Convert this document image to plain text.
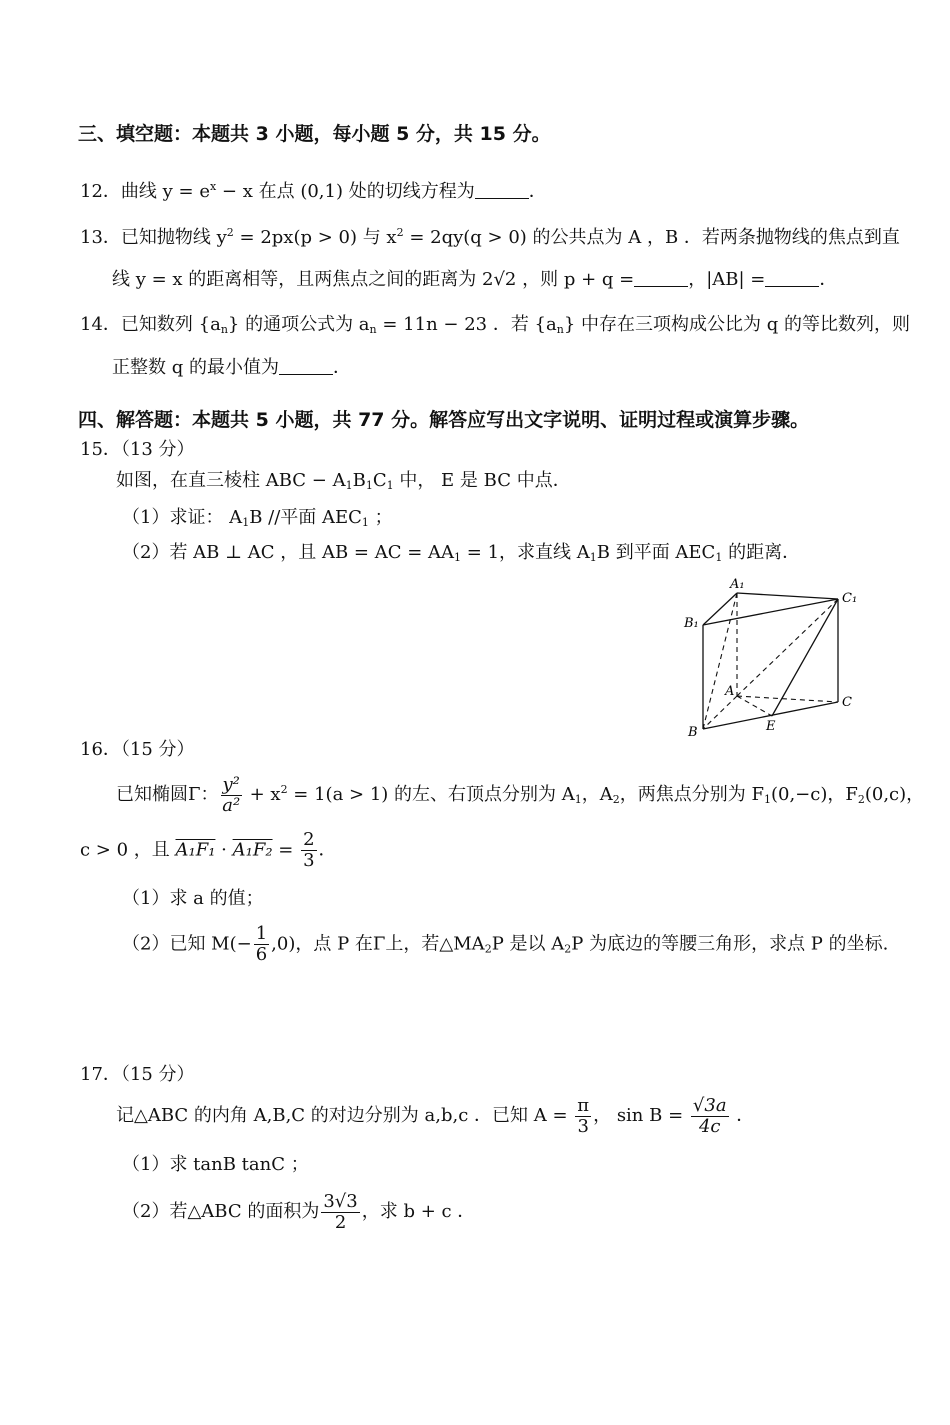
三、填空题：本题共 3 小题，每小题 5 分，共 15 分。
12．曲线 $y = e^x - x$ 在点 (0,1) 处的切线方程为	．
13．已知抛物线 $y^2 = 2px(p > 0)$ 与 $x^2 = 2qy(q > 0)$ 的公共点为 A ，B ．若两条抛物线的焦点到直
线 y = x 的距离相等，且两焦点之间的距离为 2√2 ，则 p + q =	，|AB| =	．
14．已知数列 $\{a_n\}$ 的通项公式为 $a_n = 11n - 23$ ．若 $\{a_n\}$ 中存在三项构成公比为 q 的等比数列，则
正整数 q 的最小值为	．
四、解答题：本题共 5 小题，共 77 分。解答应写出文字说明、证明过程或演算步骤。
15．（13 分）
如图，在直三棱柱 ABC − $A_1B_1C_1$ 中， E 是 BC 中点．
（1）求证： $A_1B$ //平面 $AEC_1$ ；
（2）若 AB ⊥ AC ，且 AB = AC = $AA_1 = 1$，求直线 $A_1B$ 到平面 $AEC_1$ 的距离．
A₁
C₁
B₁
A
C
B	E
16．（15 分）
已知椭圆Γ： $\frac{\text{y²}}{\text{a²}} + x^2 = 1(a > 1)$ 的左、右顶点分别为 $A_1$，$A_2$，两焦点分别为 $F_1(0,-c)$，$F_2(0,c)$，
c > 0 ，且 $A_1F_1 \cdot A_1F_2 = \frac{2}{3}$ ．
（1）求 a 的值；
（2）已知 $M(- \frac{1}{6} ,0)$，点 P 在Γ上，若$\triangle MA_2P$ 是以 $A_2P$ 为底边的等腰三角形，求点 P 的坐标.
17．（15 分）
记△ABC 的内角 A,B,C 的对边分别为 a,b,c ．已知 $A = \frac{\pi}{3}$ ， $\sin B = \frac{√3a}{4c}$ ．
（1）求 tanB tanC ；
（2）若△ABC 的面积为 $\frac{3√3}{2}$ ，求 b + c ．
